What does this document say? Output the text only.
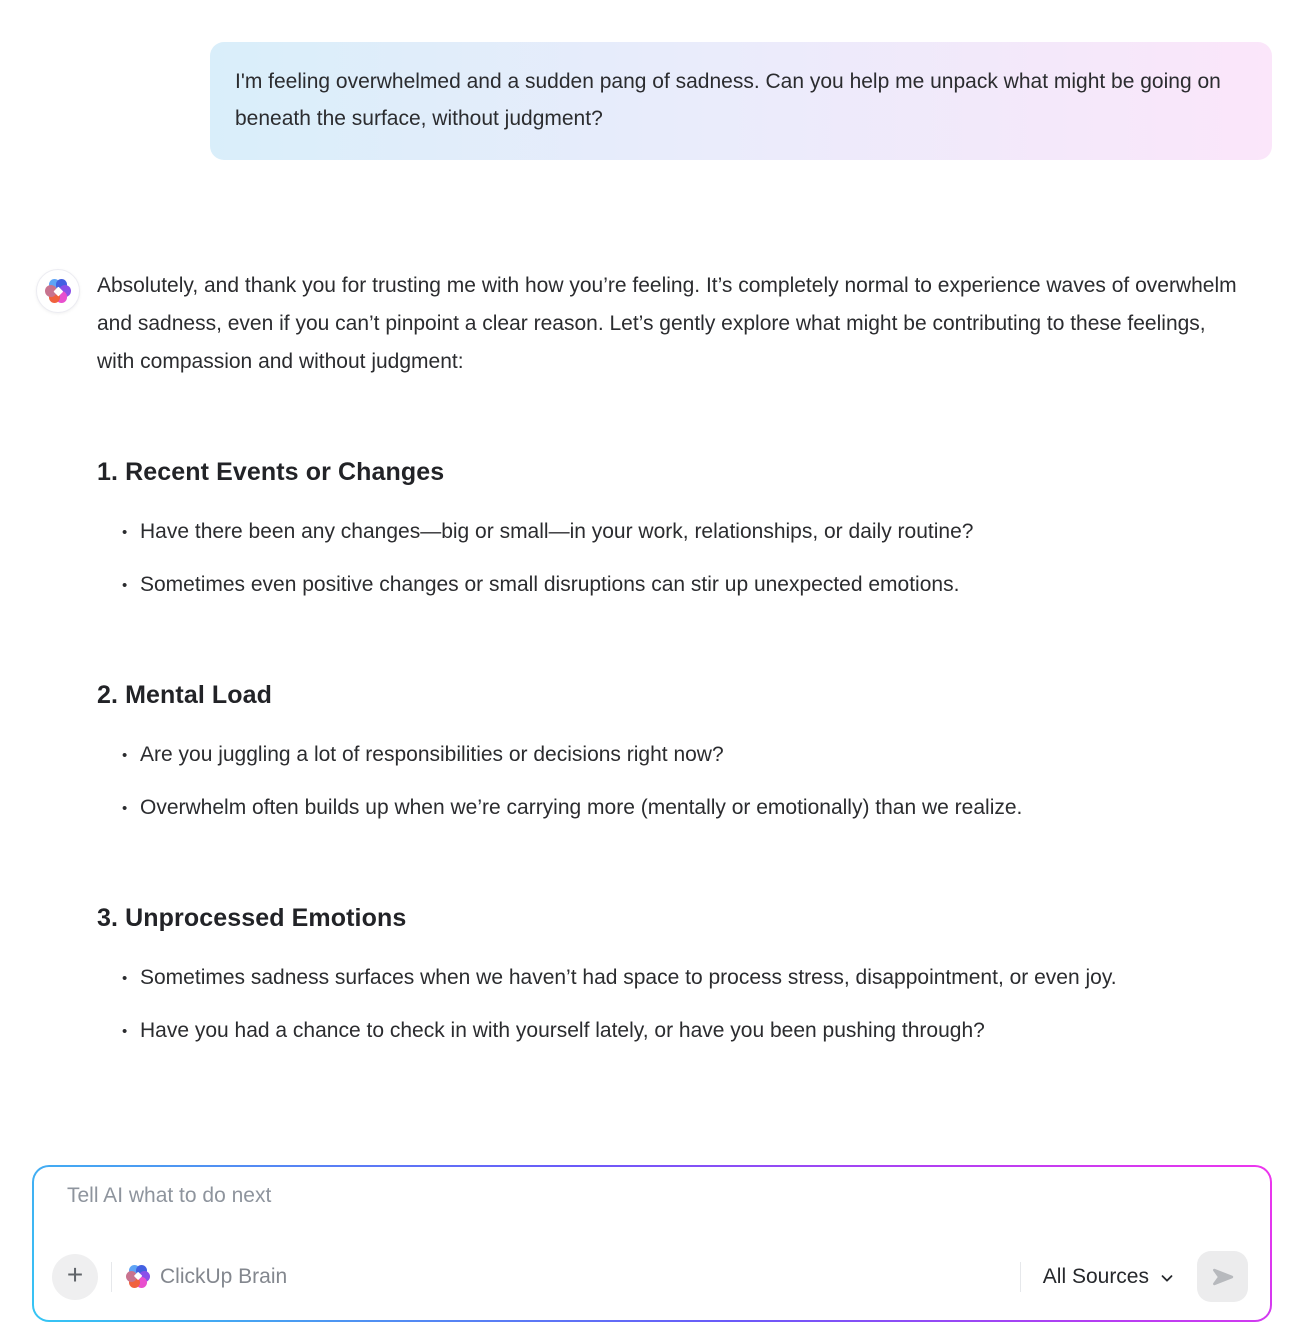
I'm feeling overwhelmed and a sudden pang of sadness. Can you help me unpack what might be going on beneath the surface, without judgment?

Absolutely, and thank you for trusting me with how you’re feeling. It’s completely normal to experience waves of overwhelm and sadness, even if you can’t pinpoint a clear reason. Let’s gently explore what might be contributing to these feelings, with compassion and without judgment:

1. Recent Events or Changes
• Have there been any changes—big or small—in your work, relationships, or daily routine?
• Sometimes even positive changes or small disruptions can stir up unexpected emotions.
2. Mental Load
• Are you juggling a lot of responsibilities or decisions right now?
• Overwhelm often builds up when we’re carrying more (mentally or emotionally) than we realize.
3. Unprocessed Emotions
• Sometimes sadness surfaces when we haven’t had space to process stress, disappointment, or even joy.
• Have you had a chance to check in with yourself lately, or have you been pushing through?
Tell AI what to do next
+	ClickUp Brain	All Sources
